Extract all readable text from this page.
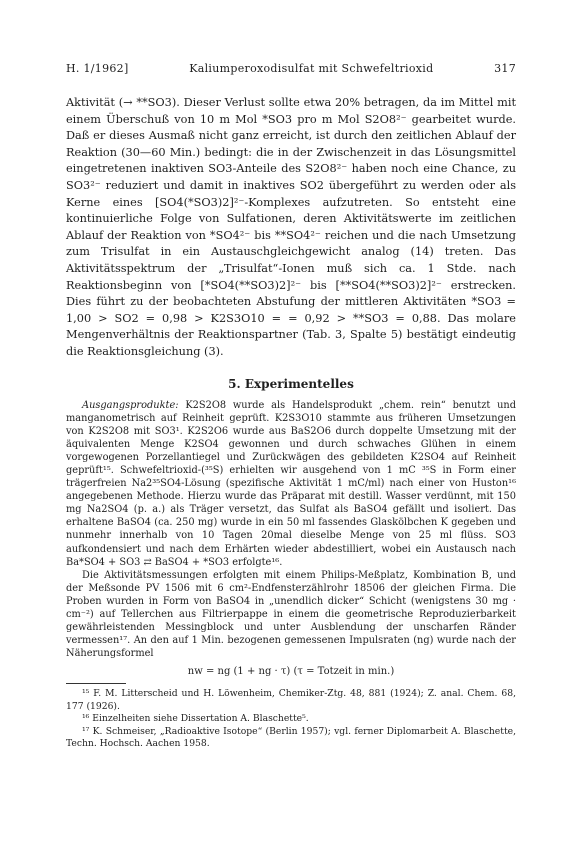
H. 1/1962]	Kaliumperoxodisulfat mit Schwefeltrioxid	317

Aktivität (→ **SO3). Dieser Verlust sollte etwa 20% betragen, da im Mittel mit einem Überschuß von 10 m Mol *SO3 pro m Mol S2O8²⁻ gearbeitet wurde. Daß er dieses Ausmaß nicht ganz erreicht, ist durch den zeitlichen Ablauf der Reaktion (30—60 Min.) bedingt: die in der Zwischenzeit in das Lösungsmittel eingetretenen inaktiven SO3-Anteile des S2O8²⁻ haben noch eine Chance, zu SO3²⁻ reduziert und damit in inaktives SO2 übergeführt zu werden oder als Kerne eines [SO4(*SO3)2]²⁻-Komplexes aufzutreten. So entsteht eine kontinuierliche Folge von Sulfationen, deren Aktivitätswerte im zeitlichen Ablauf der Reaktion von *SO4²⁻ bis **SO4²⁻ reichen und die nach Umsetzung zum Trisulfat in ein Austauschgleichgewicht analog (14) treten. Das Aktivitätsspektrum der „Trisulfat“-Ionen muß sich ca. 1 Stde. nach Reaktionsbeginn von [*SO4(**SO3)2]²⁻ bis [**SO4(**SO3)2]²⁻ erstrecken. Dies führt zu der beobachteten Abstufung der mittleren Aktivitäten *SO3 = 1,00 > SO2 = 0,98 > K2S3O10 = = 0,92 > **SO3 = 0,88. Das molare Mengenverhältnis der Reaktionspartner (Tab. 3, Spalte 5) bestätigt eindeutig die Reaktionsgleichung (3).

5. Experimentelles

Ausgangsprodukte: K2S2O8 wurde als Handelsprodukt „chem. rein“ benutzt und manganometrisch auf Reinheit geprüft. K2S3O10 stammte aus früheren Umsetzungen von K2S2O8 mit SO3¹. K2S2O6 wurde aus BaS2O6 durch doppelte Umsetzung mit der äquivalenten Menge K2SO4 gewonnen und durch schwaches Glühen in einem vorgewogenen Porzellantiegel und Zurückwägen des gebildeten K2SO4 auf Reinheit geprüft¹⁵. Schwefeltrioxid-(³⁵S) erhielten wir ausgehend von 1 mC ³⁵S in Form einer trägerfreien Na2³⁵SO4-Lösung (spezifische Aktivität 1 mC/ml) nach einer von Huston¹⁶ angegebenen Methode. Hierzu wurde das Präparat mit destill. Wasser verdünnt, mit 150 mg Na2SO4 (p. a.) als Träger versetzt, das Sulfat als BaSO4 gefällt und isoliert. Das erhaltene BaSO4 (ca. 250 mg) wurde in ein 50 ml fassendes Glaskölbchen K gegeben und nunmehr innerhalb von 10 Tagen 20mal dieselbe Menge von 25 ml flüss. SO3 aufkondensiert und nach dem Erhärten wieder abdestilliert, wobei ein Austausch nach Ba*SO4 + SO3 ⇄ BaSO4 + *SO3 erfolgte¹⁶.

Die Aktivitätsmessungen erfolgten mit einem Philips-Meßplatz, Kombination B, und der Meßsonde PV 1506 mit 6 cm²-Endfensterzählrohr 18506 der gleichen Firma. Die Proben wurden in Form von BaSO4 in „unendlich dicker“ Schicht (wenigstens 30 mg · cm⁻²) auf Tellerchen aus Filtrierpappe in einem die geometrische Reproduzierbarkeit gewährleistenden Messingblock und unter Ausblendung der unscharfen Ränder vermessen¹⁷. An den auf 1 Min. bezogenen gemessenen Impulsraten (ng) wurde nach der Näherungsformel

nw = ng (1 + ng · τ) (τ = Totzeit in min.)

¹⁵ F. M. Litterscheid und H. Löwenheim, Chemiker-Ztg. 48, 881 (1924); Z. anal. Chem. 68, 177 (1926).

¹⁶ Einzelheiten siehe Dissertation A. Blaschette⁵.

¹⁷ K. Schmeiser, „Radioaktive Isotope“ (Berlin 1957); vgl. ferner Diplomarbeit A. Blaschette, Techn. Hochsch. Aachen 1958.
